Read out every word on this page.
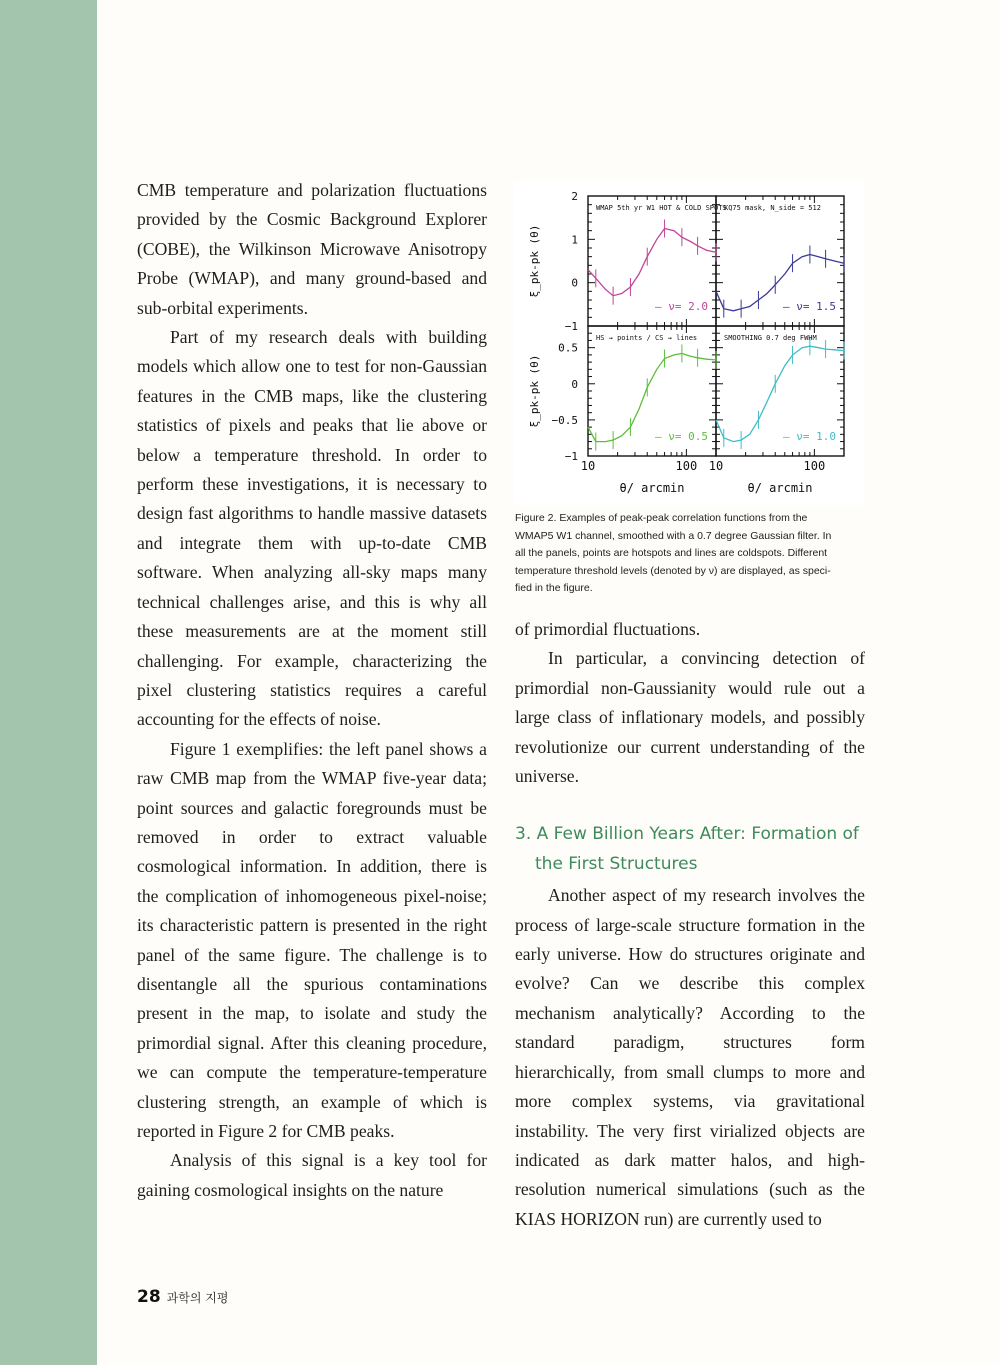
CMB temperature and polarization fluctuations provided by the Cosmic Background Explorer (COBE), the Wilkinson Microwave Anisotropy Probe (WMAP), and many ground-based and sub-orbital experiments.

Part of my research deals with building models which allow one to test for non-Gaussian features in the CMB maps, like the clustering statistics of pixels and peaks that lie above or below a temperature threshold. In order to perform these investigations, it is necessary to design fast algorithms to handle massive datasets and integrate them with up-to-date CMB software. When analyzing all-sky maps many technical challenges arise, and this is why all these measurements are at the moment still challenging. For example, characterizing the pixel clustering statistics requires a careful accounting for the effects of noise.

Figure 1 exemplifies: the left panel shows a raw CMB map from the WMAP five-year data; point sources and galactic foregrounds must be removed in order to extract valuable cosmological information. In addition, there is the complication of inhomogeneous pixel-noise; its characteristic pattern is presented in the right panel of the same figure. The challenge is to disentangle all the spurious contaminations present in the map, to isolate and study the primordial signal. After this cleaning procedure, we can compute the temperature-temperature clustering strength, an example of which is reported in Figure 2 for CMB peaks.

Analysis of this signal is a key tool for gaining cosmological insights on the nature

WMAP 5th yr W1 HOT & COLD SPOTS
— ν= 2.0
2
1
0
−1
KQ75 mask, N_side = 512
— ν= 1.5
HS → points / CS → lines
— ν= 0.5
0.5
0
−0.5
−1
SMOOTHING 0.7 deg FWHM
— ν= 1.0
10	100
θ/ arcmin
10	100
θ/ arcmin
ξ_pk-pk (θ)
ξ_pk-pk (θ)

Figure 2. Examples of peak-peak correlation functions from the

WMAP5 W1 channel, smoothed with a 0.7 degree Gaussian filter. In

all the panels, points are hotspots and lines are coldspots. Different

temperature threshold levels (denoted by ν) are displayed, as speci-

fied in the figure.

of primordial fluctuations.

In particular, a convincing detection of primordial non-Gaussianity would rule out a large class of inflationary models, and possibly revolutionize our current understanding of the universe.

3. A Few Billion Years After: Formation of the First Structures

Another aspect of my research involves the process of large-scale structure formation in the early universe. How do structures originate and evolve? Can we describe this complex mechanism analytically? According to the standard paradigm, structures form hierarchically, from small clumps to more and more complex systems, via gravitational instability. The very first virialized objects are indicated as dark matter halos, and high-resolution numerical simulations (such as the KIAS HORIZON run) are currently used to

28 과학의 지평
